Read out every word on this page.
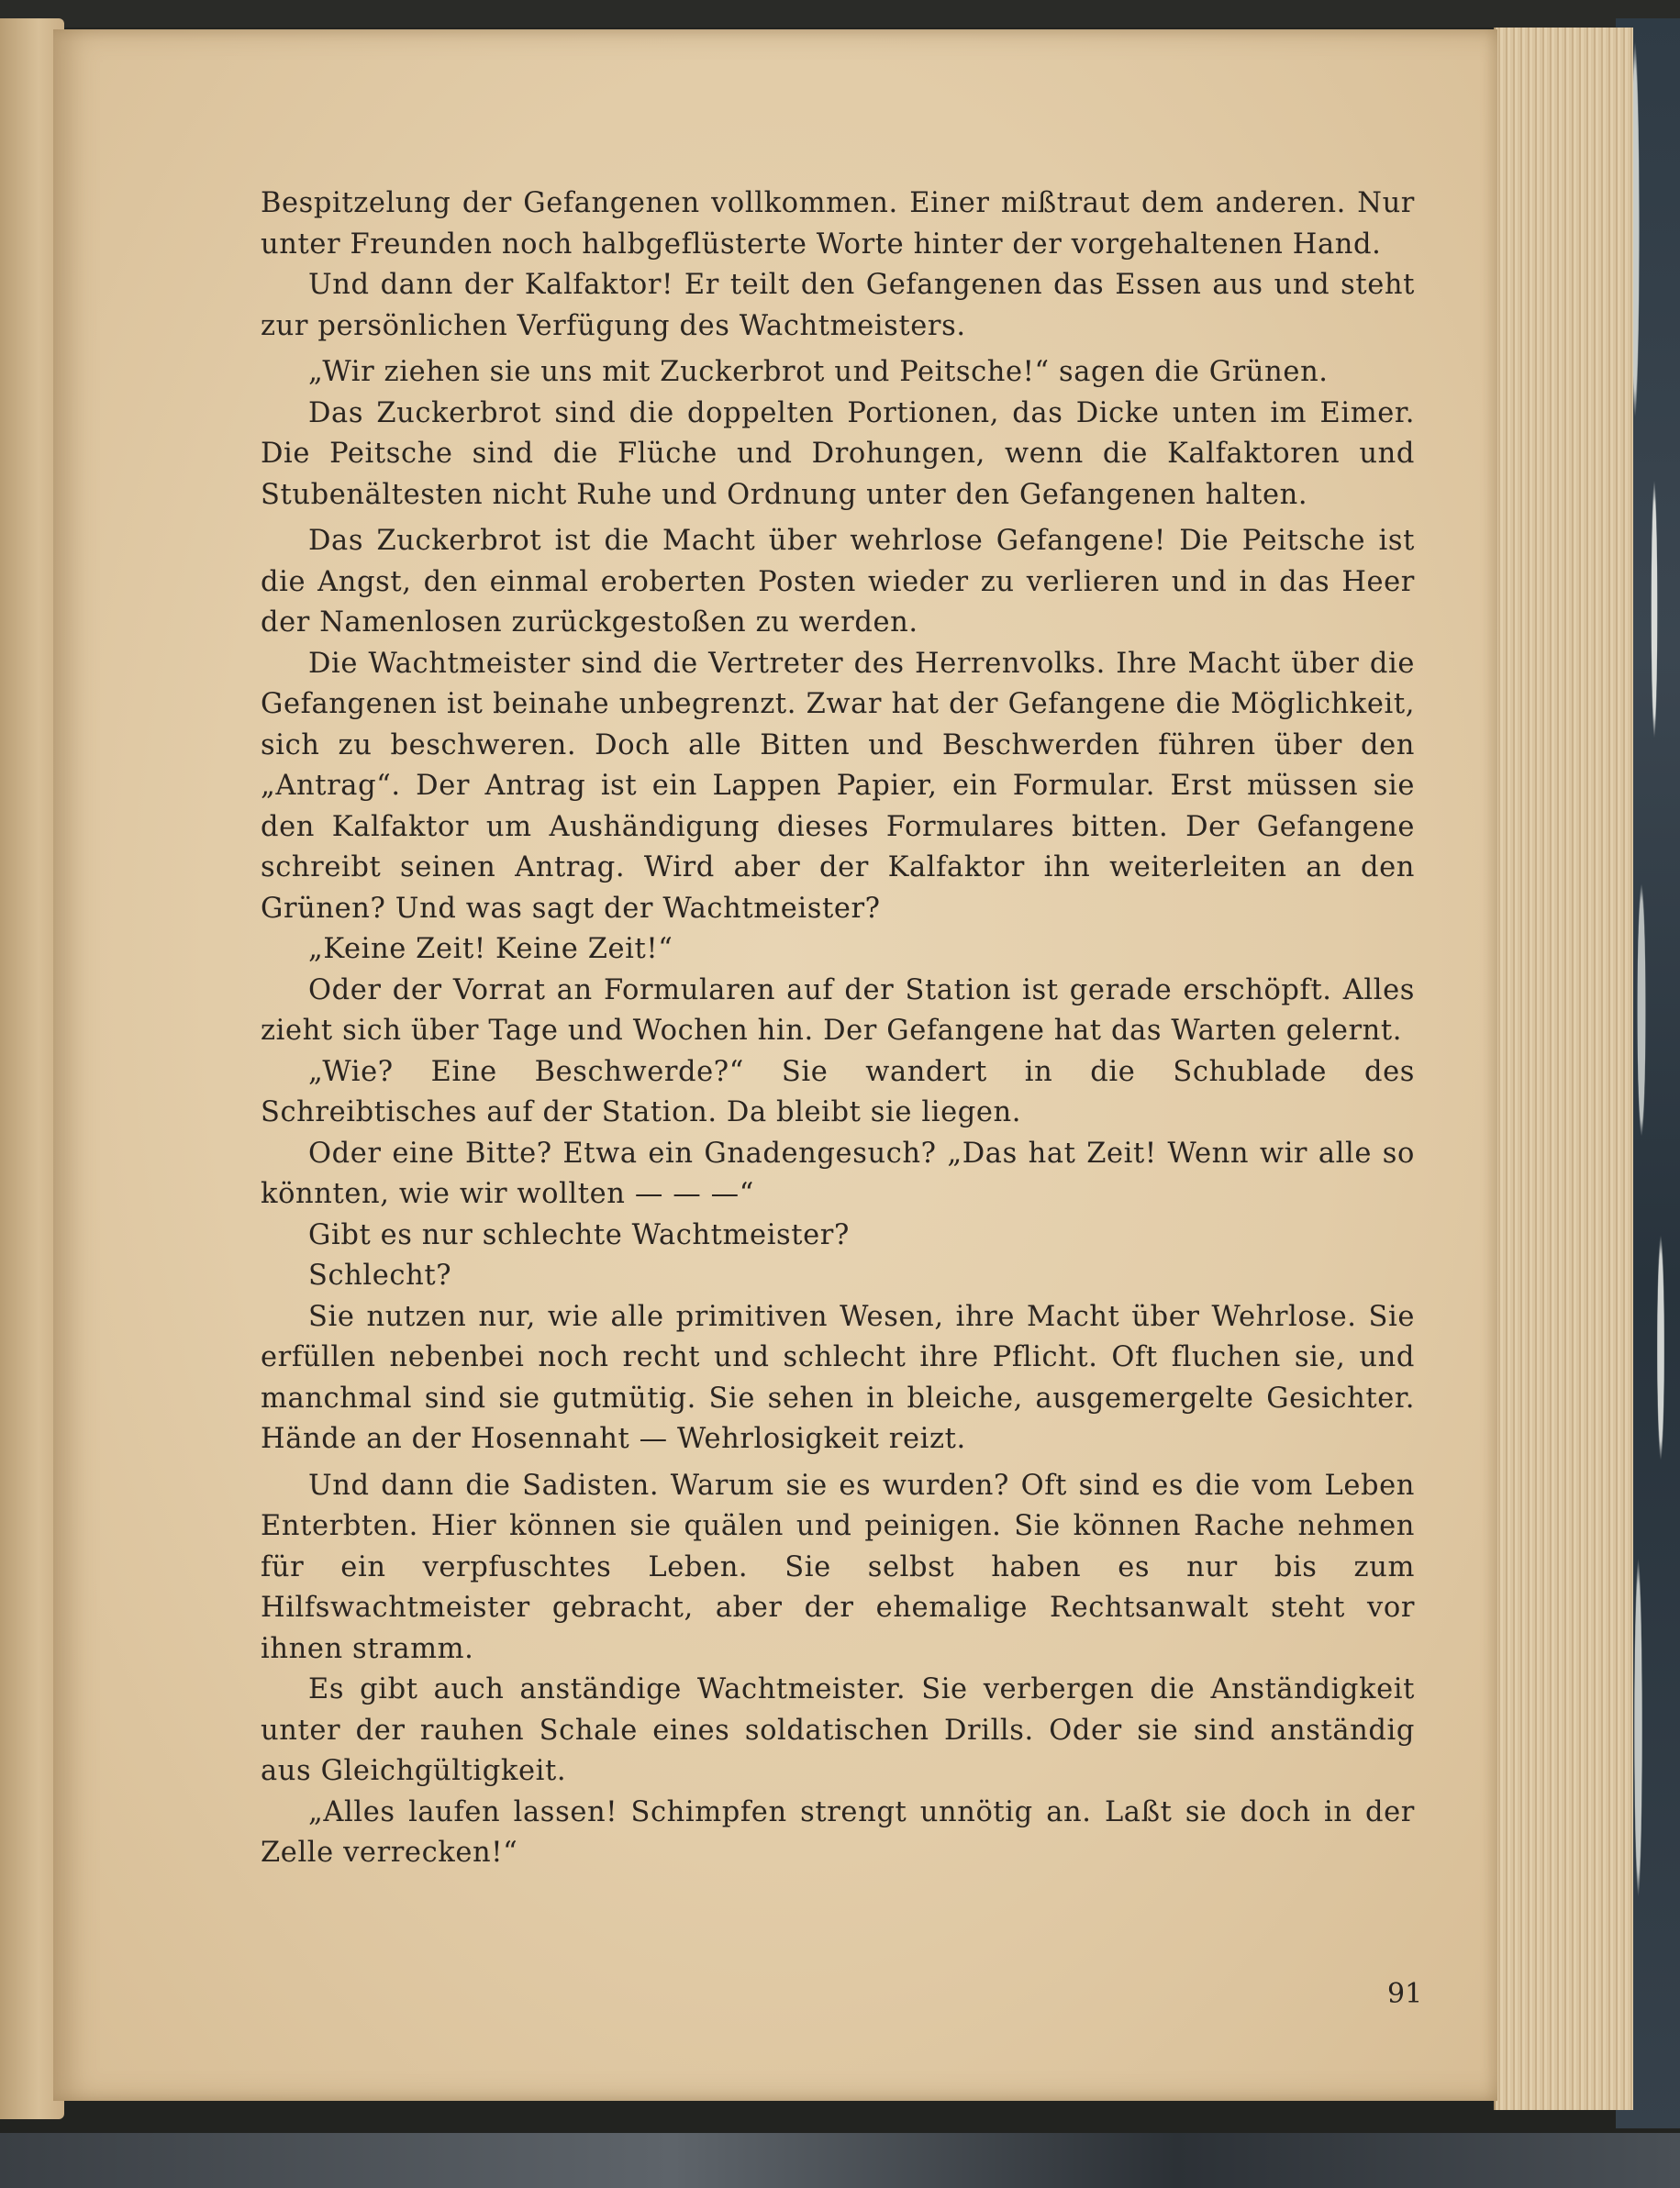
Bespitzelung der Gefangenen vollkommen. Einer mißtraut dem anderen. Nur unter Freunden noch halbgeflüsterte Worte hinter der vorgehaltenen Hand.

Und dann der Kalfaktor! Er teilt den Gefangenen das Essen aus und steht zur persönlichen Verfügung des Wachtmeisters.

„Wir ziehen sie uns mit Zuckerbrot und Peitsche!“ sagen die Grünen.

Das Zuckerbrot sind die doppelten Portionen, das Dicke unten im Eimer. Die Peitsche sind die Flüche und Drohungen, wenn die Kalfaktoren und Stubenältesten nicht Ruhe und Ordnung unter den Gefangenen halten.

Das Zuckerbrot ist die Macht über wehrlose Gefangene! Die Peitsche ist die Angst, den einmal eroberten Posten wieder zu verlieren und in das Heer der Namenlosen zurückgestoßen zu werden.

Die Wachtmeister sind die Vertreter des Herrenvolks. Ihre Macht über die Gefangenen ist beinahe unbegrenzt. Zwar hat der Gefangene die Möglichkeit, sich zu beschweren. Doch alle Bitten und Beschwerden führen über den „Antrag“. Der Antrag ist ein Lappen Papier, ein Formular. Erst müssen sie den Kalfaktor um Aushändigung dieses Formulares bitten. Der Gefangene schreibt seinen Antrag. Wird aber der Kalfaktor ihn weiterleiten an den Grünen? Und was sagt der Wachtmeister?

„Keine Zeit! Keine Zeit!“

Oder der Vorrat an Formularen auf der Station ist gerade erschöpft. Alles zieht sich über Tage und Wochen hin. Der Gefangene hat das Warten gelernt.

„Wie? Eine Beschwerde?“ Sie wandert in die Schublade des Schreibtisches auf der Station. Da bleibt sie liegen.

Oder eine Bitte? Etwa ein Gnadengesuch? „Das hat Zeit! Wenn wir alle so könnten, wie wir wollten — — —“

Gibt es nur schlechte Wachtmeister?

Schlecht?

Sie nutzen nur, wie alle primitiven Wesen, ihre Macht über Wehrlose. Sie erfüllen nebenbei noch recht und schlecht ihre Pflicht. Oft fluchen sie, und manchmal sind sie gutmütig. Sie sehen in bleiche, ausgemergelte Gesichter. Hände an der Hosennaht — Wehrlosigkeit reizt.

Und dann die Sadisten. Warum sie es wurden? Oft sind es die vom Leben Enterbten. Hier können sie quälen und peinigen. Sie können Rache nehmen für ein verpfuschtes Leben. Sie selbst haben es nur bis zum Hilfswachtmeister gebracht, aber der ehemalige Rechtsanwalt steht vor ihnen stramm.

Es gibt auch anständige Wachtmeister. Sie verbergen die Anständigkeit unter der rauhen Schale eines soldatischen Drills. Oder sie sind anständig aus Gleichgültigkeit.

„Alles laufen lassen! Schimpfen strengt unnötig an. Laßt sie doch in der Zelle verrecken!“

91
